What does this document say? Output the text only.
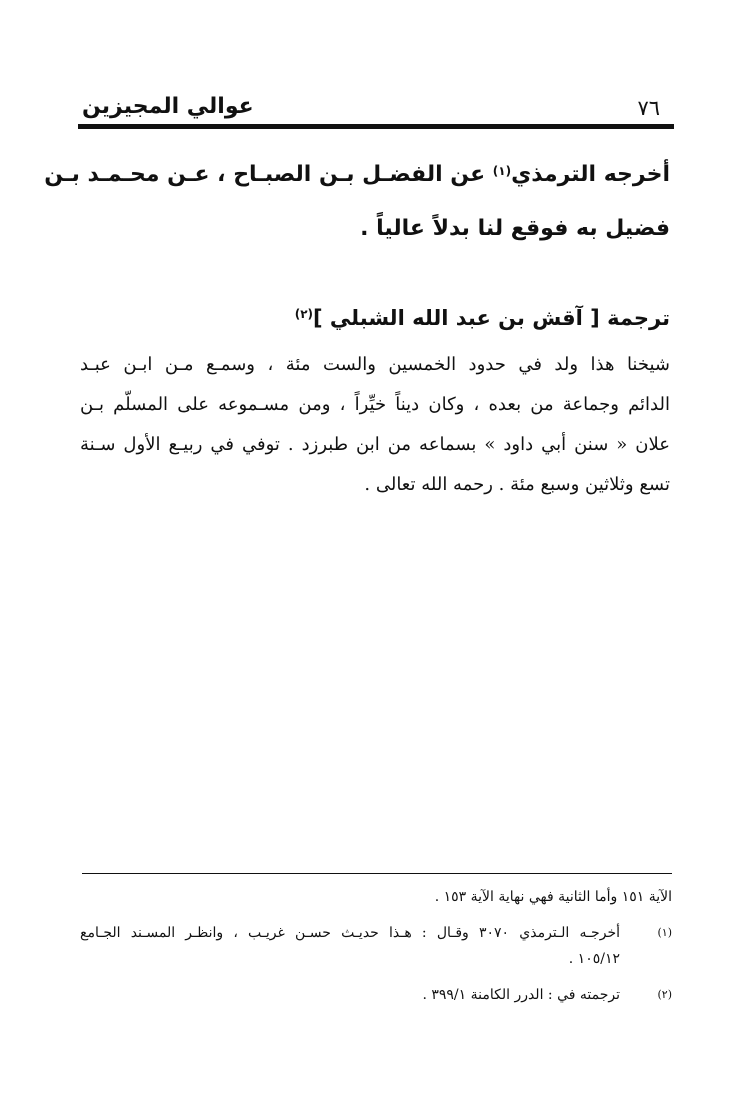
عوالي المجيزين	٧٦
أخرجه الترمذي$^{(١)}$ عن الفضـل بـن الصبـاح ، عـن محـمـد بـن
فضيل به فوقع لنا بدلاً عالياً .
ترجمة [ آقش بن عبد الله الشبلي ]$^{(٢)}$
شيخنا هذا ولد في حدود الخمسين والست مئة ، وسمـع مـن ابـن عبـد
الدائم وجماعة من بعده ، وكان ديناً خيِّراً ، ومن مسـموعه على المسلّم بـن
علان « سنن أبي داود » بسماعه من ابن طبرزد . توفي في ربيـع الأول سـنة
تسع وثلاثين وسبع مئة . رحمه الله تعالى .
الآية ١٥١ وأما الثانية فهي نهاية الآية ١٥٣ .
(١)
أخرجـه الـترمذي ٣٠٧٠ وقـال : هـذا حديـث حسـن غريـب ، وانظـر المسـند الجـامع
١٠٥/١٢ .
(٢)
ترجمته في : الدرر الكامنة ٣٩٩/١ .
